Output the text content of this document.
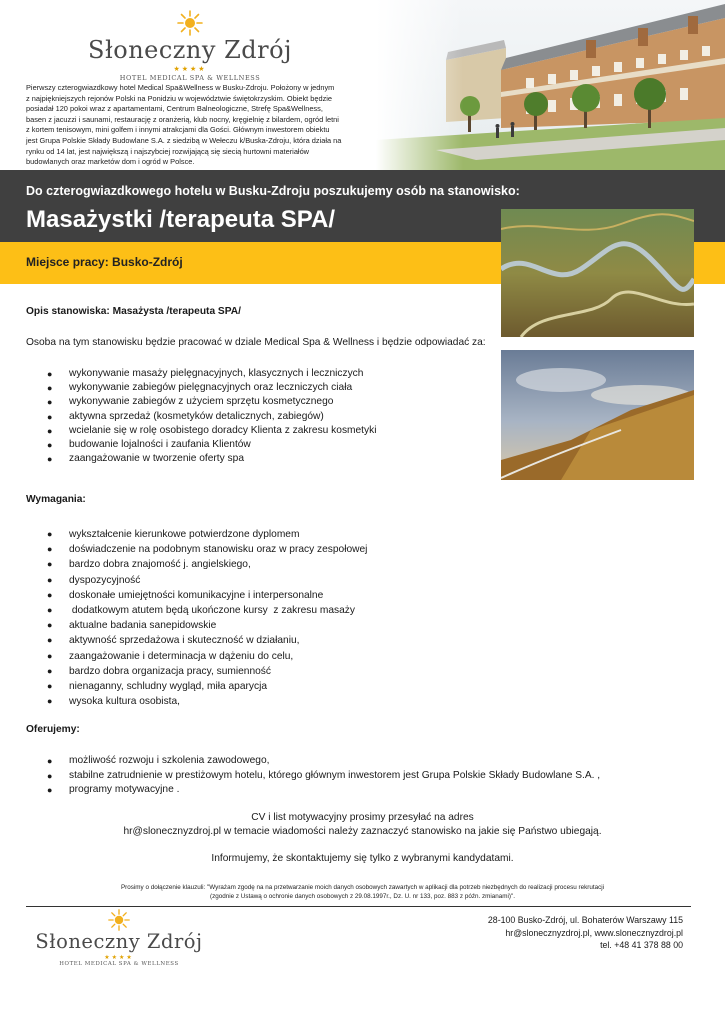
Słoneczny Zdrój
★★★★
HOTEL MEDICAL SPA & WELLNESS
Pierwszy czterogwiazdkowy hotel Medical Spa&Wellness w Busku-Zdroju. Położony w jednym
z najpiękniejszych rejonów Polski na Ponidziu w województwie świętokrzyskim. Obiekt będzie
posiadał 120 pokoi wraz z apartamentami, Centrum Balneologiczne, Strefę Spa&Wellness,
basen z jacuzzi i saunami, restaurację z oranżerią, klub nocny, kręgielnię z bilardem, ogród letni
z kortem tenisowym, mini golfem i innymi atrakcjami dla Gości. Głównym inwestorem obiektu
jest Grupa Polskie Składy Budowlane S.A. z siedzibą w Wełeczu k/Buska-Zdroju, która działa na
rynku od 14 lat, jest największą i najszybciej rozwijającą się siecią hurtowni materiałów
budowlanych oraz marketów dom i ogród w Polsce.
Do czterogwiazdkowego hotelu w Busku-Zdroju poszukujemy osób na stanowisko:
Masażystki /terapeuta SPA/
Miejsce pracy: Busko-Zdrój
Opis stanowiska: Masażysta /terapeuta SPA/
Osoba na tym stanowisku będzie pracować w dziale Medical Spa & Wellness i będzie odpowiadać za:
● wykonywanie masaży pielęgnacyjnych, klasycznych i leczniczych
● wykonywanie zabiegów pielęgnacyjnych oraz leczniczych ciała
● wykonywanie zabiegów z użyciem sprzętu kosmetycznego
● aktywna sprzedaż (kosmetyków detalicznych, zabiegów)
● wcielanie się w rolę osobistego doradcy Klienta z zakresu kosmetyki
● budowanie lojalności i zaufania Klientów
● zaangażowanie w tworzenie oferty spa
Wymagania:
● wykształcenie kierunkowe potwierdzone dyplomem
● doświadczenie na podobnym stanowisku oraz w pracy zespołowej
● bardzo dobra znajomość j. angielskiego,
● dyspozycyjność
● doskonałe umiejętności komunikacyjne i interpersonalne
● dodatkowym atutem będą ukończone kursy  z zakresu masaży
● aktualne badania sanepidowskie
● aktywność sprzedażowa i skuteczność w działaniu,
● zaangażowanie i determinacja w dążeniu do celu,
● bardzo dobra organizacja pracy, sumienność
● nienaganny, schludny wygląd, miła aparycja
● wysoka kultura osobista,
Oferujemy:
● możliwość rozwoju i szkolenia zawodowego,
● stabilne zatrudnienie w prestiżowym hotelu, którego głównym inwestorem jest Grupa Polskie Składy Budowlane S.A. ,
● programy motywacyjne .
CV i list motywacyjny prosimy przesyłać na adres
hr@slonecznyzdroj.pl w temacie wiadomości należy zaznaczyć stanowisko na jakie się Państwo ubiegają.
Informujemy, że skontaktujemy się tylko z wybranymi kandydatami.
Prosimy o dołączenie klauzuli: "Wyrażam zgodę na na przetwarzanie moich danych osobowych zawartych w aplikacji dla potrzeb niezbędnych do realizacji procesu rekrutacji
(zgodnie z Ustawą o ochronie danych osobowych z 29.08.1997r., Dz. U. nr 133, poz. 883 z późn. zmianami)".
Słoneczny Zdrój
★★★★
HOTEL MEDICAL SPA & WELLNESS
28-100 Busko-Zdrój, ul. Bohaterów Warszawy 115
hr@slonecznyzdroj.pl, www.slonecznyzdroj.pl
tel. +48 41 378 88 00
